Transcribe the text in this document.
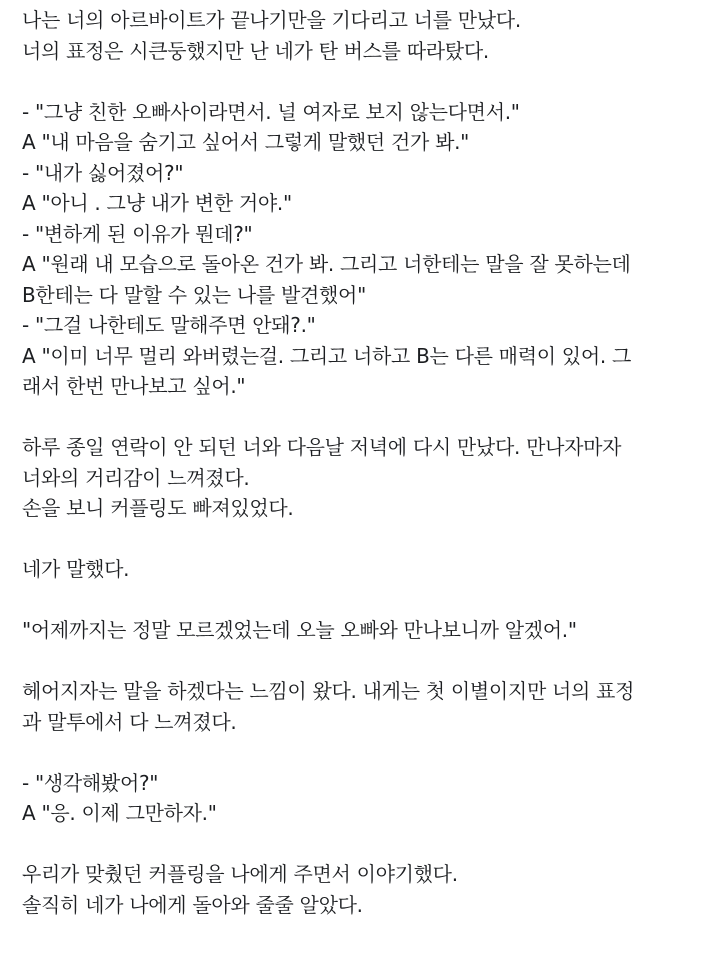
나는 너의 아르바이트가 끝나기만을 기다리고 너를 만났다.
너의 표정은 시큰둥했지만 난 네가 탄 버스를 따라탔다.
- "그냥 친한 오빠사이라면서. 널 여자로 보지 않는다면서."
A "내 마음을 숨기고 싶어서 그렇게 말했던 건가 봐."
- "내가 싫어졌어?"
A "아니 . 그냥 내가 변한 거야."
- "변하게 된 이유가 뭔데?"
A "원래 내 모습으로 돌아온 건가 봐. 그리고 너한테는 말을 잘 못하는데
B한테는 다 말할 수 있는 나를 발견했어"
- "그걸 나한테도 말해주면 안돼?."
A "이미 너무 멀리 와버렸는걸. 그리고 너하고 B는 다른 매력이 있어. 그
래서 한번 만나보고 싶어."
하루 종일 연락이 안 되던 너와 다음날 저녁에 다시 만났다. 만나자마자
너와의 거리감이 느껴졌다.
손을 보니 커플링도 빠져있었다.
네가 말했다.
"어제까지는 정말 모르겠었는데 오늘 오빠와 만나보니까 알겠어."
헤어지자는 말을 하겠다는 느낌이 왔다. 내게는 첫 이별이지만 너의 표정
과 말투에서 다 느껴졌다.
- "생각해봤어?"
A "응. 이제 그만하자."
우리가 맞췄던 커플링을 나에게 주면서 이야기했다.
솔직히 네가 나에게 돌아와 줄줄 알았다.
